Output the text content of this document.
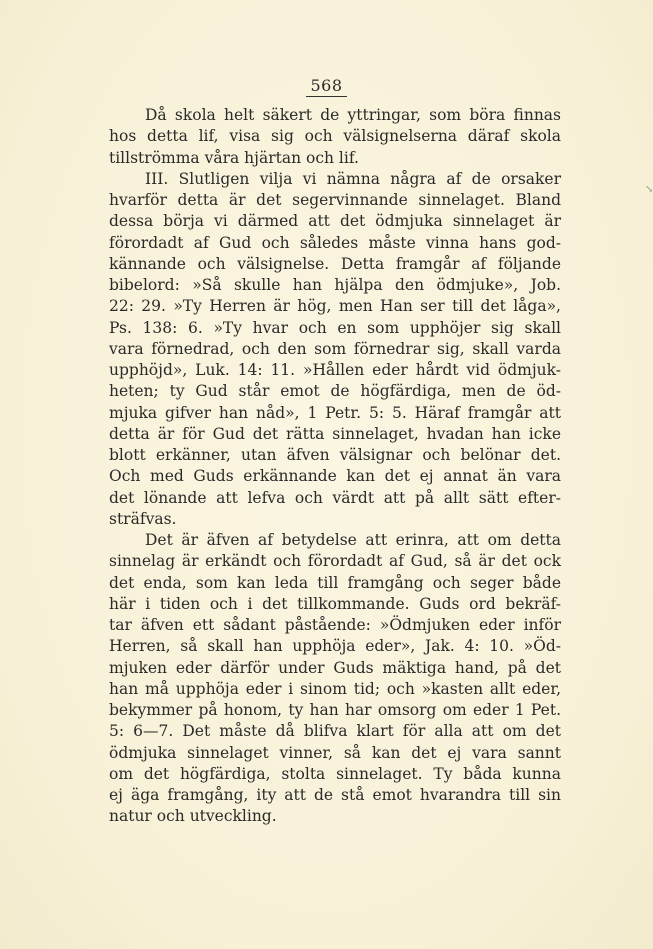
568
↘
Då skola helt säkert de yttringar, som böra finnas
hos detta lif, visa sig och välsignelserna däraf skola
tillströmma våra hjärtan och lif.
III. Slutligen vilja vi nämna några af de orsaker
hvarför detta är det segervinnande sinnelaget. Bland
dessa börja vi därmed att det ödmjuka sinnelaget är
förordadt af Gud och således måste vinna hans god-
kännande och välsignelse. Detta framgår af följande
bibelord: »Så skulle han hjälpa den ödmjuke», Job.
22: 29. »Ty Herren är hög, men Han ser till det låga»,
Ps. 138: 6. »Ty hvar och en som upphöjer sig skall
vara förnedrad, och den som förnedrar sig, skall varda
upphöjd», Luk. 14: 11. »Hållen eder hårdt vid ödmjuk-
heten; ty Gud står emot de högfärdiga, men de öd-
mjuka gifver han nåd», 1 Petr. 5: 5. Häraf framgår att
detta är för Gud det rätta sinnelaget, hvadan han icke
blott erkänner, utan äfven välsignar och belönar det.
Och med Guds erkännande kan det ej annat än vara
det lönande att lefva och värdt att på allt sätt efter-
sträfvas.
Det är äfven af betydelse att erinra, att om detta
sinnelag är erkändt och förordadt af Gud, så är det ock
det enda, som kan leda till framgång och seger både
här i tiden och i det tillkommande. Guds ord bekräf-
tar äfven ett sådant påstående: »Ödmjuken eder inför
Herren, så skall han upphöja eder», Jak. 4: 10. »Öd-
mjuken eder därför under Guds mäktiga hand, på det
han må upphöja eder i sinom tid; och »kasten allt eder,
bekymmer på honom, ty han har omsorg om eder 1 Pet.
5: 6—7. Det måste då blifva klart för alla att om det
ödmjuka sinnelaget vinner, så kan det ej vara sannt
om det högfärdiga, stolta sinnelaget. Ty båda kunna
ej äga framgång, ity att de stå emot hvarandra till sin
natur och utveckling.
